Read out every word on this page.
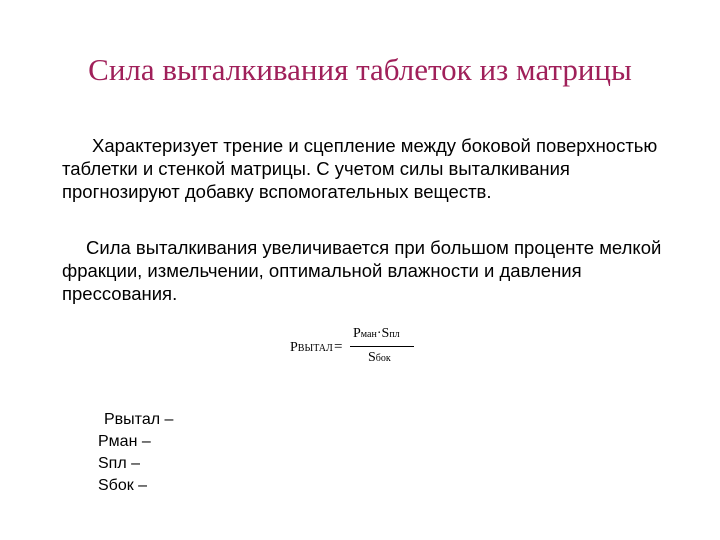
Сила выталкивания таблеток из матрицы

Характеризует трение и сцепление между боковой поверхностью таблетки и стенкой матрицы. С учетом силы выталкивания прогнозируют добавку вспомогательных веществ.

Сила выталкивания увеличивается при большом проценте мелкой фракции, измельчении, оптимальной влажности и давления прессования.

PВЫТАЛ =
Pман·Sпл
Sбок
Рвытал –
Рман –
Sпл –
Sбок –
